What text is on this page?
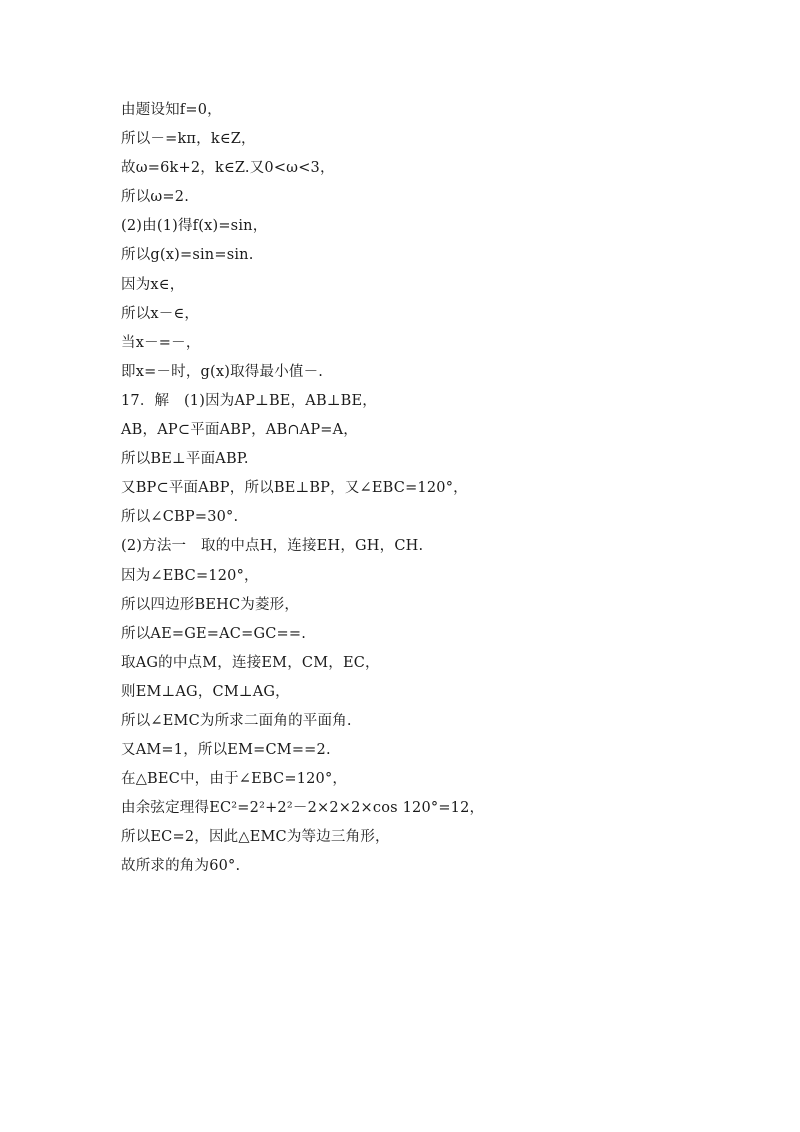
由题设知f=0，
所以－=kπ，k∈Z，
故ω=6k+2，k∈Z.又0<ω<3，
所以ω=2.
(2)由(1)得f(x)=sin，
所以g(x)=sin=sin.
因为x∈，
所以x－∈，
当x－=－，
即x=－时，g(x)取得最小值－.
17．解　(1)因为AP⊥BE，AB⊥BE，
AB，AP⊂平面ABP，AB∩AP=A，
所以BE⊥平面ABP.
又BP⊂平面ABP，所以BE⊥BP，又∠EBC=120°，
所以∠CBP=30°.
(2)方法一　取的中点H，连接EH，GH，CH.
因为∠EBC=120°，
所以四边形BEHC为菱形，
所以AE=GE=AC=GC==.
取AG的中点M，连接EM，CM，EC，
则EM⊥AG，CM⊥AG，
所以∠EMC为所求二面角的平面角.
又AM=1，所以EM=CM==2.
在△BEC中，由于∠EBC=120°，
由余弦定理得EC²=2²+2²－2×2×2×cos 120°=12，
所以EC=2，因此△EMC为等边三角形，
故所求的角为60°.
